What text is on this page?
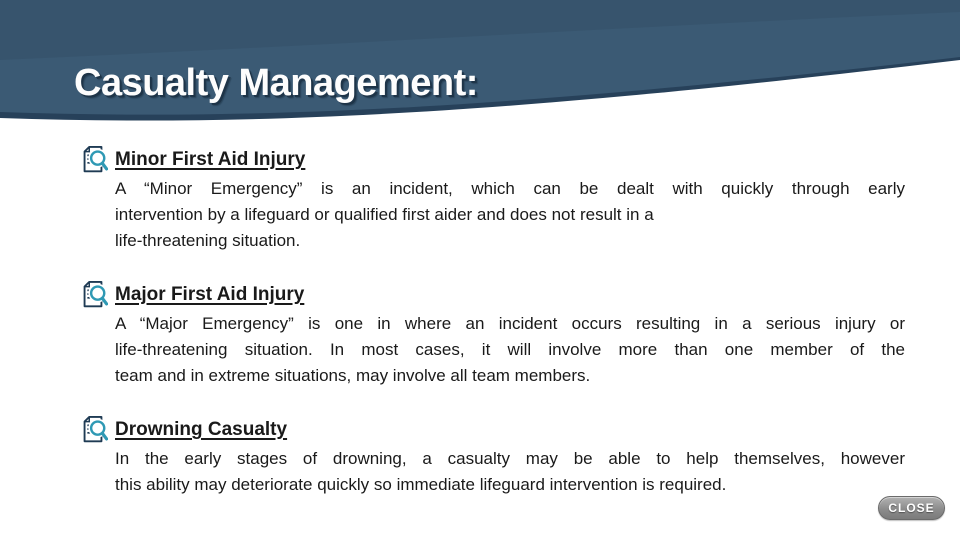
Casualty Management:
Minor First Aid Injury
A “Minor Emergency” is an incident, which can be dealt with quickly through early
intervention by a lifeguard or qualified first aider and does not result in a
life-threatening situation.
Major First Aid Injury
A “Major Emergency” is one in where an incident occurs resulting in a serious injury or
life-threatening situation. In most cases, it will involve more than one member of the
team and in extreme situations, may involve all team members.
Drowning Casualty
In the early stages of drowning, a casualty may be able to help themselves, however
this ability may deteriorate quickly so immediate lifeguard intervention is required.
CLOSE
